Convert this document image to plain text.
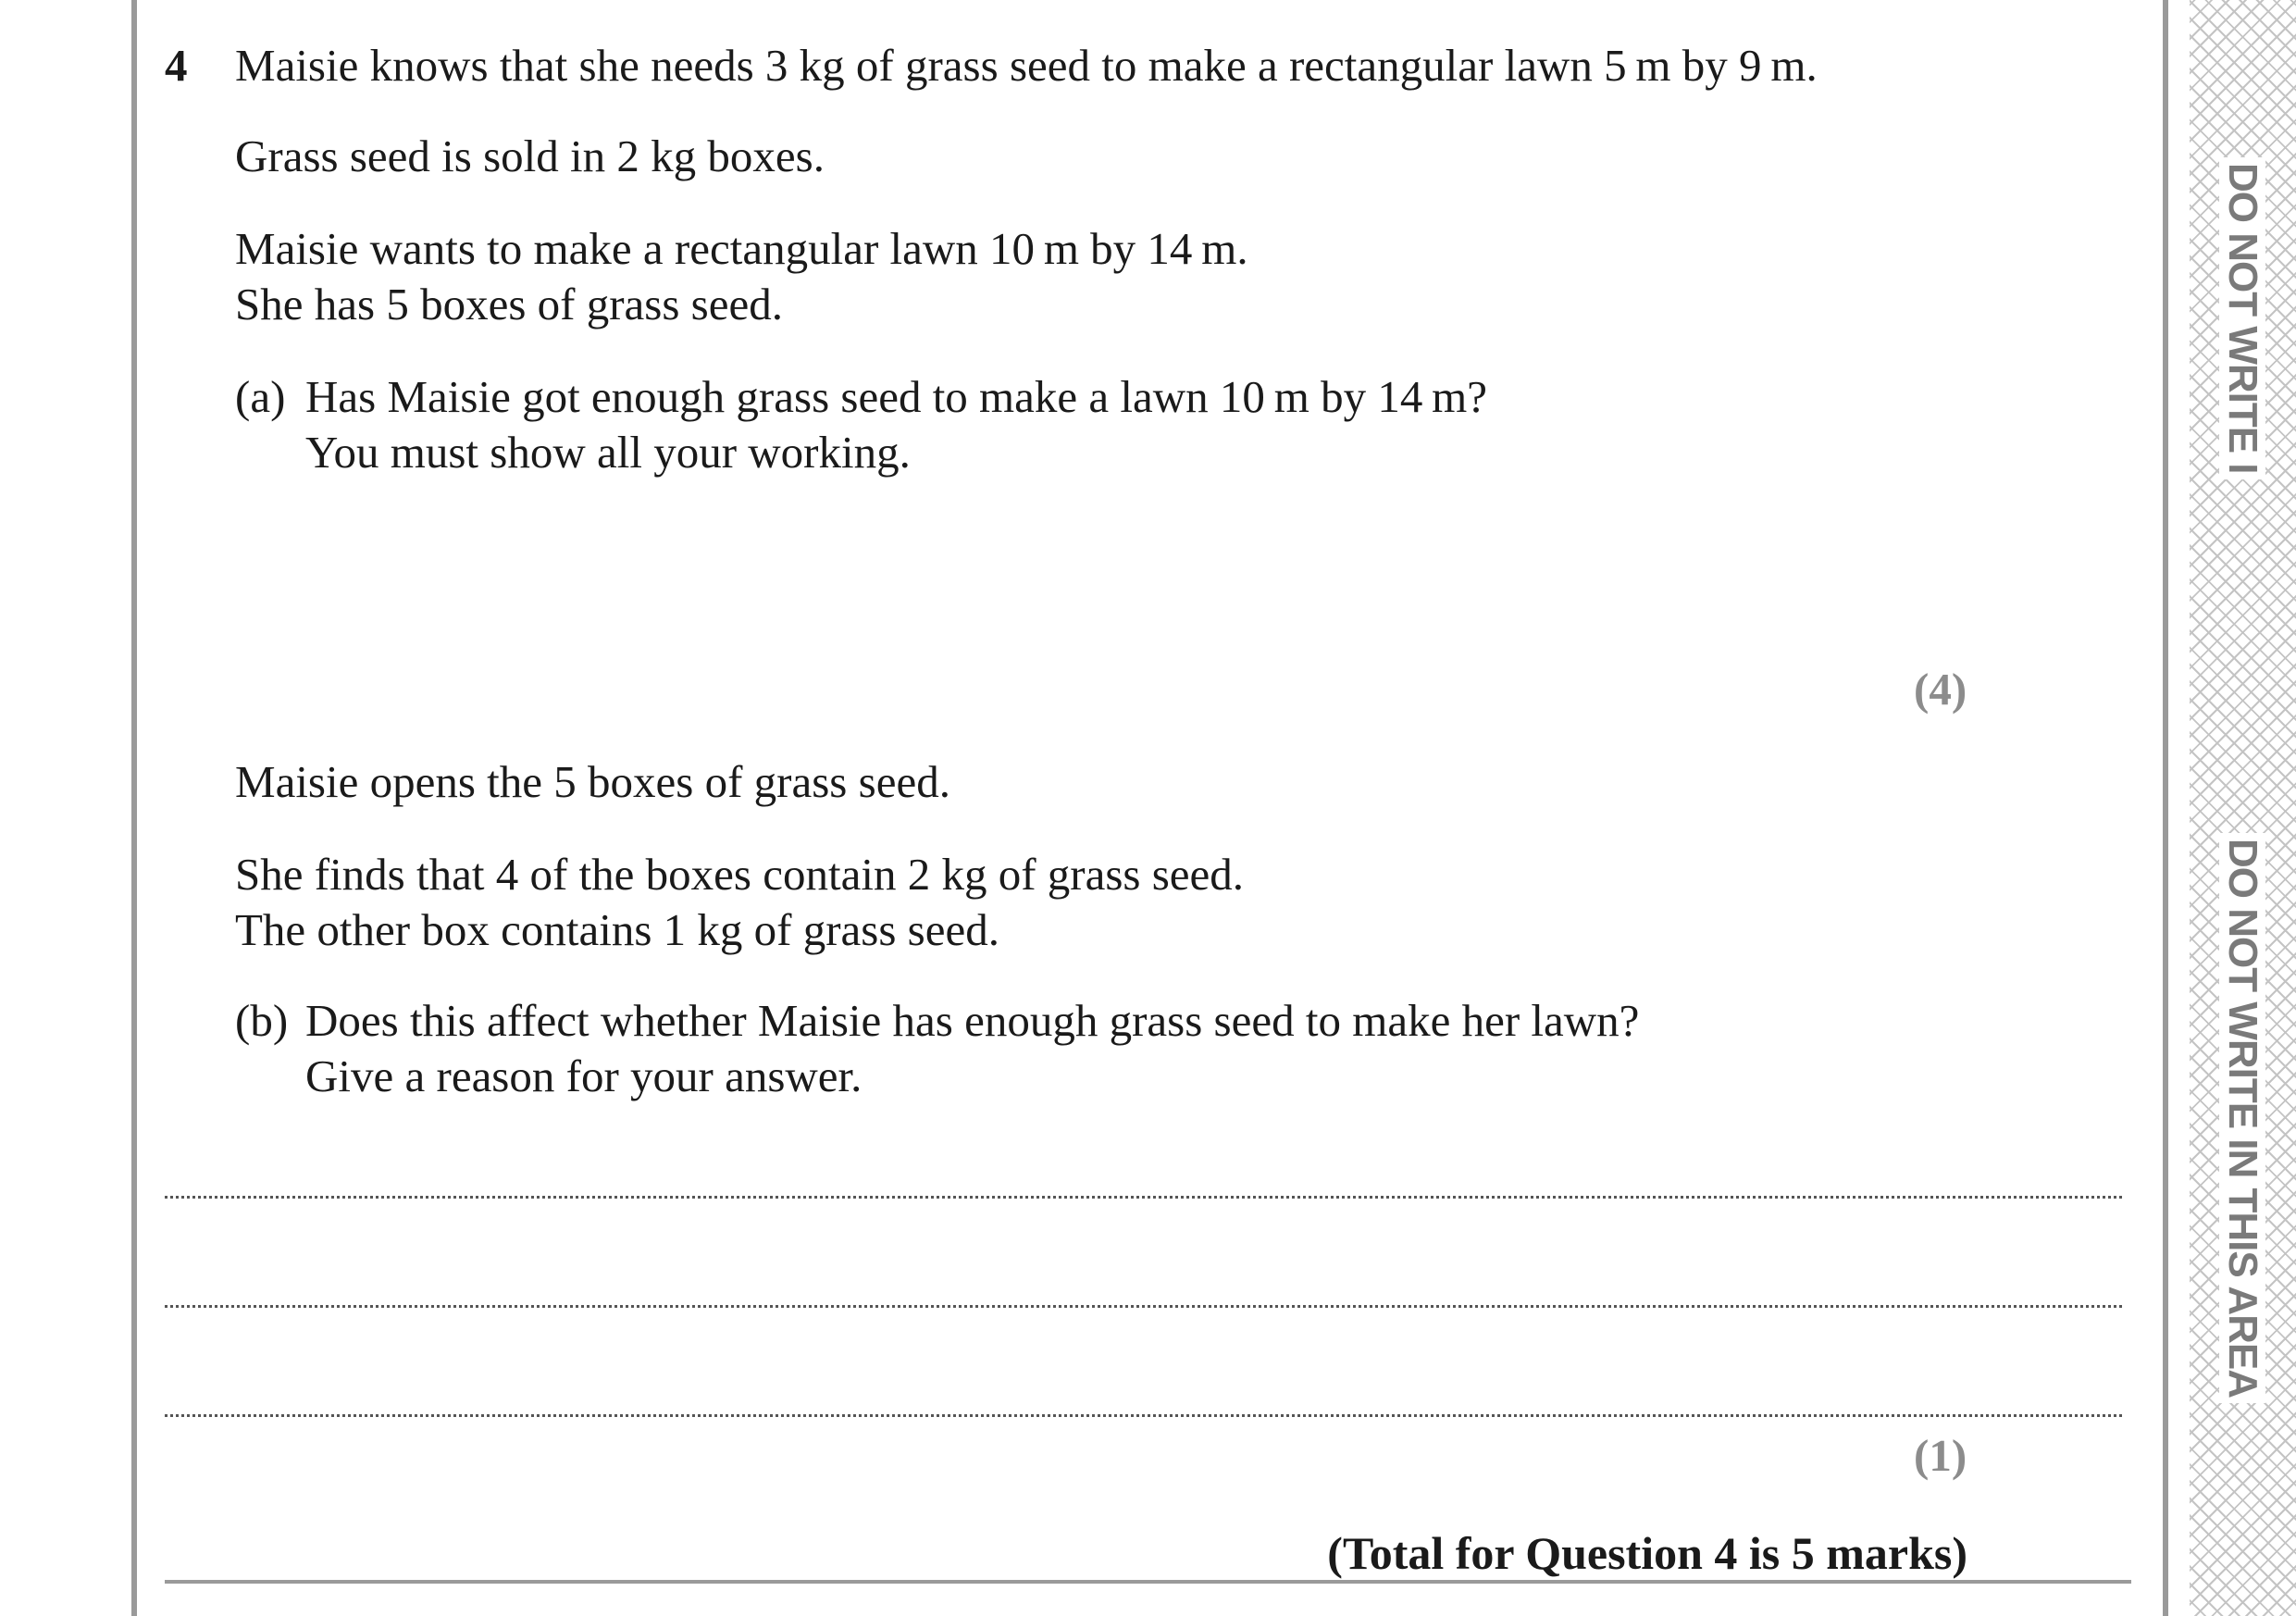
DO NOT WRITE I
DO NOT WRITE IN THIS AREA
4 Maisie knows that she needs 3 kg of grass seed to make a rectangular lawn 5 m by 9 m.
Grass seed is sold in 2 kg boxes.
Maisie wants to make a rectangular lawn 10 m by 14 m.
She has 5 boxes of grass seed.
(a) Has Maisie got enough grass seed to make a lawn 10 m by 14 m?
You must show all your working.
(4)
Maisie opens the 5 boxes of grass seed.
She finds that 4 of the boxes contain 2 kg of grass seed.
The other box contains 1 kg of grass seed.
(b) Does this affect whether Maisie has enough grass seed to make her lawn?
Give a reason for your answer.
(1)
(Total for Question 4 is 5 marks)
